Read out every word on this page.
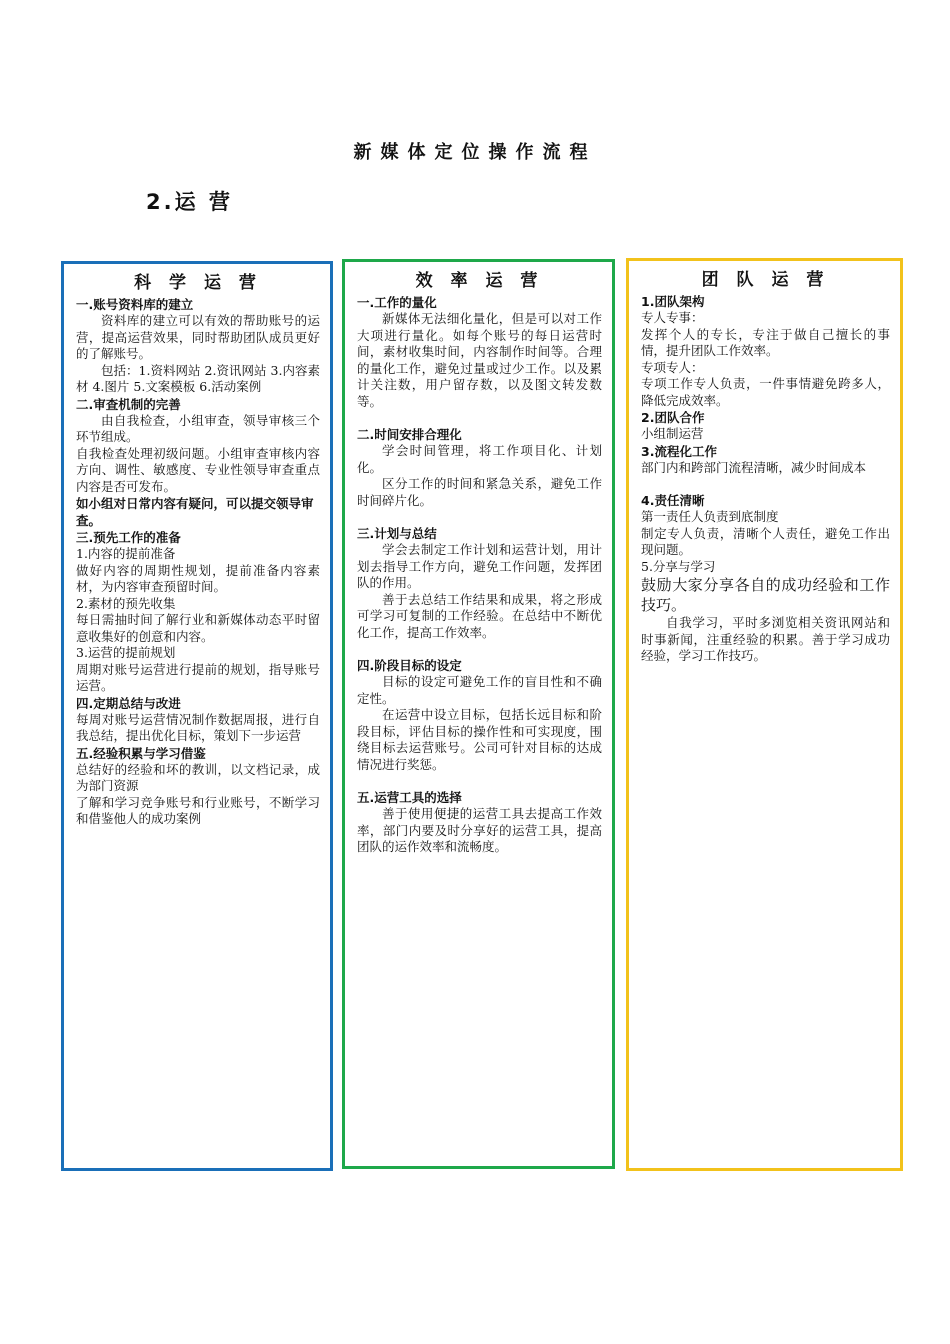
新媒体定位操作流程
2.运 营
科 学 运 营

一.账号资料库的建立

资料库的建立可以有效的帮助账号的运营，提高运营效果，同时帮助团队成员更好的了解账号。

包括：1.资料网站 2.资讯网站 3.内容素材 4.图片 5.文案模板 6.活动案例

二.审查机制的完善

由自我检查，小组审查，领导审核三个环节组成。

自我检查处理初级问题。小组审查审核内容方向、调性、敏感度、专业性领导审查重点内容是否可发布。

如小组对日常内容有疑问，可以提交领导审查。

三.预先工作的准备

1.内容的提前准备

做好内容的周期性规划，提前准备内容素材，为内容审查预留时间。

2.素材的预先收集

每日需抽时间了解行业和新媒体动态平时留意收集好的创意和内容。

3.运营的提前规划

周期对账号运营进行提前的规划，指导账号运营。

四.定期总结与改进

每周对账号运营情况制作数据周报，进行自我总结，提出优化目标，策划下一步运营

五.经验积累与学习借鉴

总结好的经验和坏的教训，以文档记录，成为部门资源

了解和学习竞争账号和行业账号，不断学习和借鉴他人的成功案例

效 率 运 营

一.工作的量化

新媒体无法细化量化，但是可以对工作大项进行量化。如每个账号的每日运营时间，素材收集时间，内容制作时间等。合理的量化工作，避免过量或过少工作。以及累计关注数，用户留存数，以及图文转发数等。

二.时间安排合理化

学会时间管理，将工作项目化、计划化。

区分工作的时间和紧急关系，避免工作时间碎片化。

三.计划与总结

学会去制定工作计划和运营计划，用计划去指导工作方向，避免工作问题，发挥团队的作用。

善于去总结工作结果和成果，将之形成可学习可复制的工作经验。在总结中不断优化工作，提高工作效率。

四.阶段目标的设定

目标的设定可避免工作的盲目性和不确定性。

在运营中设立目标，包括长远目标和阶段目标，评估目标的操作性和可实现度，围绕目标去运营账号。公司可针对目标的达成情况进行奖惩。

五.运营工具的选择

善于使用便捷的运营工具去提高工作效率，部门内要及时分享好的运营工具，提高团队的运作效率和流畅度。

团 队 运 营

1.团队架构

专人专事：

发挥个人的专长，专注于做自己擅长的事情，提升团队工作效率。

专项专人：

专项工作专人负责，一件事情避免跨多人，降低完成效率。

2.团队合作

小组制运营

3.流程化工作

部门内和跨部门流程清晰，减少时间成本

4.责任清晰

第一责任人负责到底制度

制定专人负责，清晰个人责任，避免工作出现问题。

5.分享与学习

鼓励大家分享各自的成功经验和工作技巧。

自我学习，平时多浏览相关资讯网站和时事新闻，注重经验的积累。善于学习成功经验，学习工作技巧。
